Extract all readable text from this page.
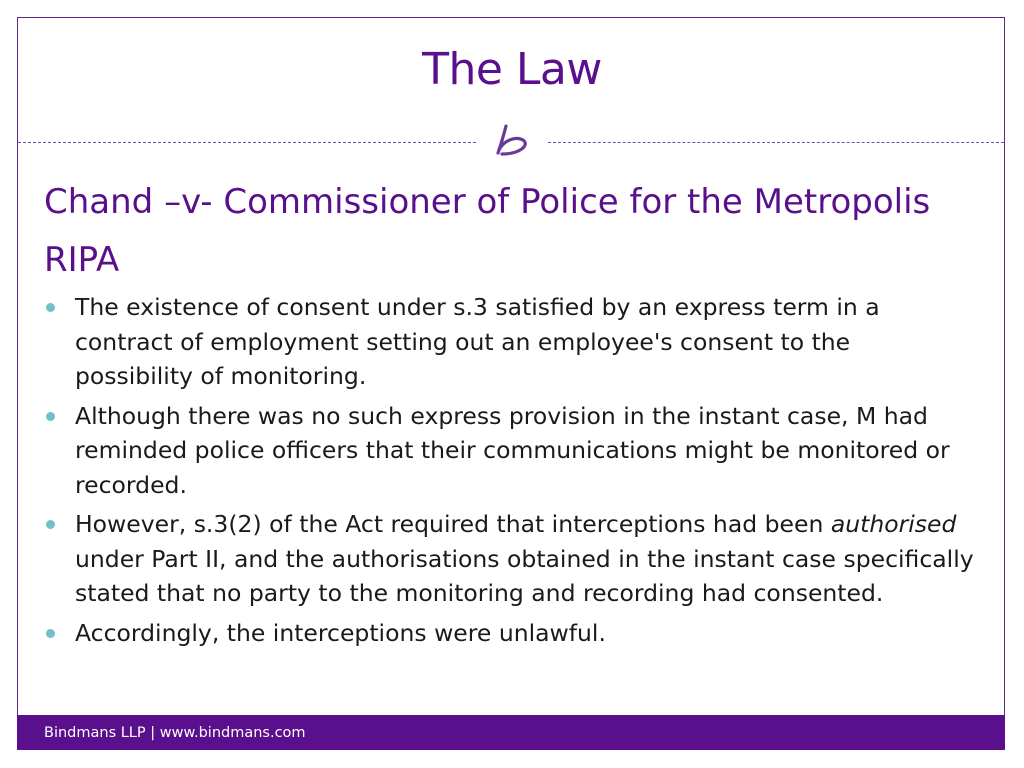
The Law
Chand –v- Commissioner of Police for the Metropolis
RIPA
The existence of consent under s.3 satisfied by an express term in a contract of employment setting out an employee's consent to the possibility of monitoring.
Although there was no such express provision in the instant case, M had reminded police officers that their communications might be monitored or recorded.
However, s.3(2) of the Act required that interceptions had been authorised under Part II, and the authorisations obtained in the instant case specifically stated that no party to the monitoring and recording had consented.
Accordingly, the interceptions were unlawful.
Bindmans LLP | www.bindmans.com
